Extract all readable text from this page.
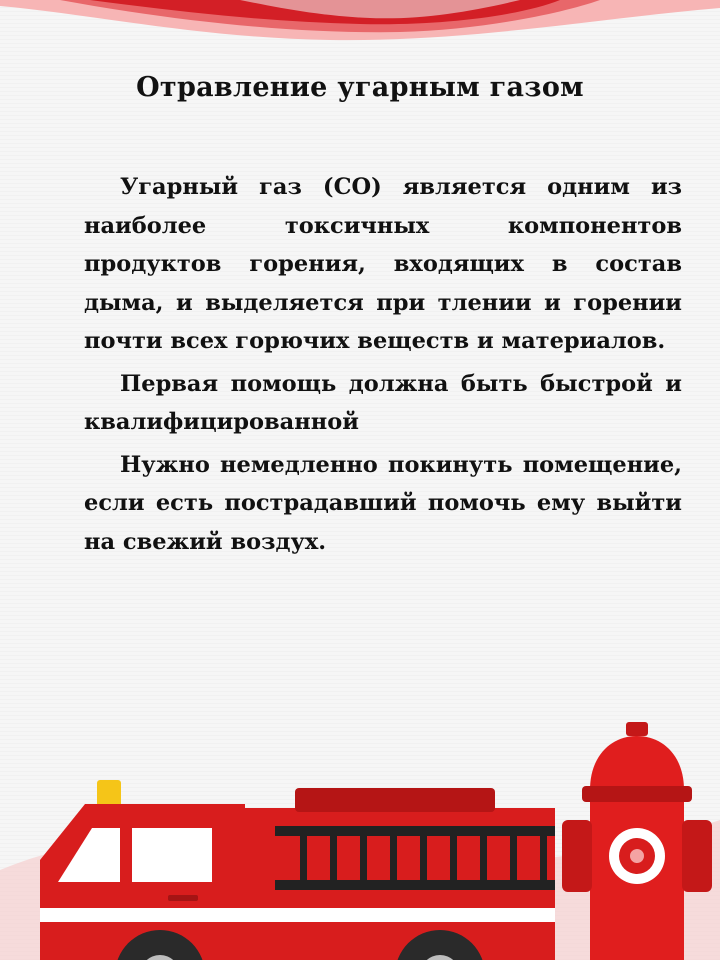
Отравление угарным газом

Угарный газ (CO) является одним из наиболее токсичных компонентов продуктов горения, входящих в состав дыма, и выделяется при тлении и горении почти всех горючих веществ и материалов.

Первая помощь должна быть быстрой и квалифицированной

Нужно немедленно покинуть помещение, если есть пострадавший помочь ему выйти на свежий воздух.
